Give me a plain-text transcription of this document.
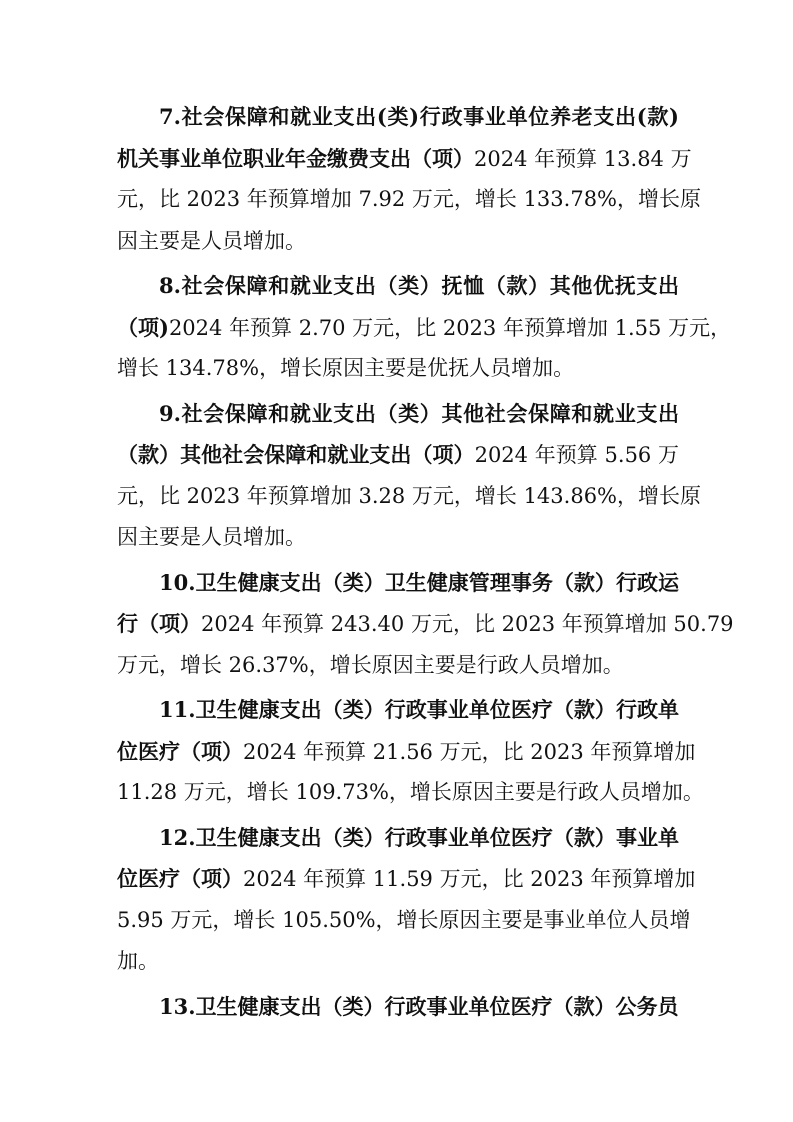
7.社会保障和就业支出(类)行政事业单位养老支出(款)
机关事业单位职业年金缴费支出（项）2024 年预算 13.84 万
元，比 2023 年预算增加 7.92 万元，增长 133.78%，增长原
因主要是人员增加。
8.社会保障和就业支出（类）抚恤（款）其他优抚支出
（项)2024 年预算 2.70 万元，比 2023 年预算增加 1.55 万元，
增长 134.78%，增长原因主要是优抚人员增加。
9.社会保障和就业支出（类）其他社会保障和就业支出
（款）其他社会保障和就业支出（项）2024 年预算 5.56 万
元，比 2023 年预算增加 3.28 万元，增长 143.86%，增长原
因主要是人员增加。
10.卫生健康支出（类）卫生健康管理事务（款）行政运
行（项）2024 年预算 243.40 万元，比 2023 年预算增加 50.79
万元，增长 26.37%，增长原因主要是行政人员增加。
11.卫生健康支出（类）行政事业单位医疗（款）行政单
位医疗（项）2024 年预算 21.56 万元，比 2023 年预算增加
11.28 万元，增长 109.73%，增长原因主要是行政人员增加。
12.卫生健康支出（类）行政事业单位医疗（款）事业单
位医疗（项）2024 年预算 11.59 万元，比 2023 年预算增加
5.95 万元，增长 105.50%，增长原因主要是事业单位人员增
加。
13.卫生健康支出（类）行政事业单位医疗（款）公务员
